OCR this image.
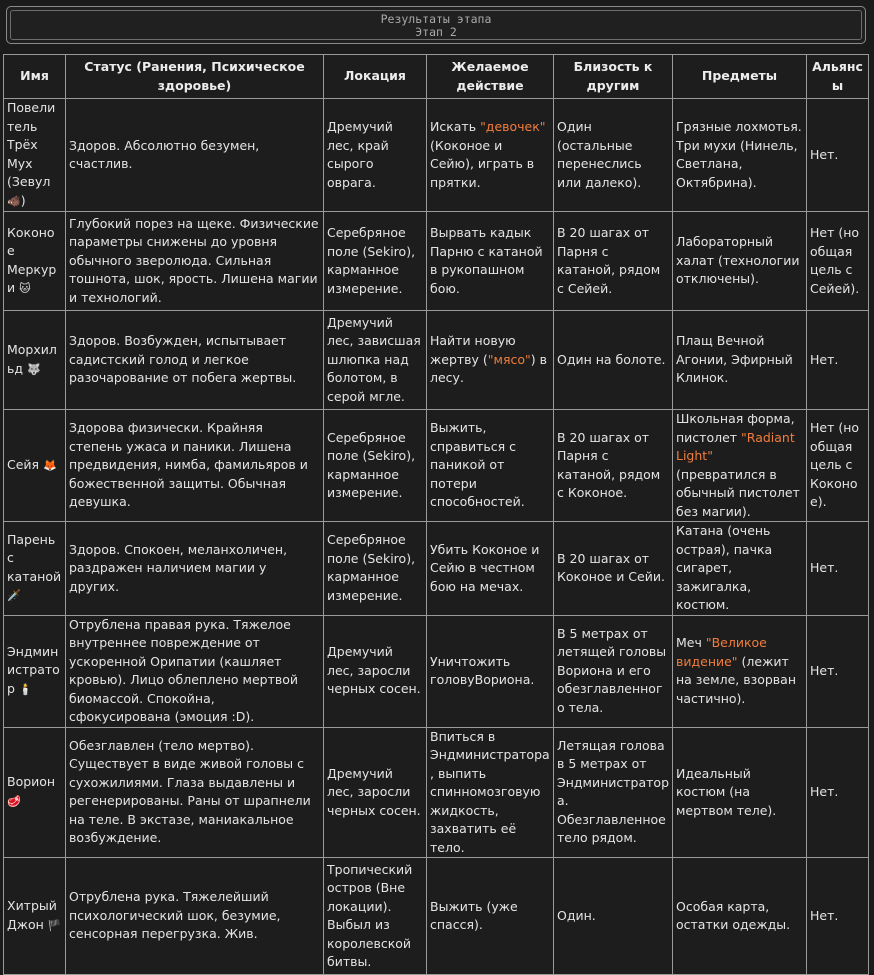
Результаты этапа
Этап 2
Имя	Статус (Ранения, Психическое здоровье)	Локация	Желаемое действие	Близость к другим	Предметы	Альянсы
Повелитель Трёх Мух (Зевул 🐗)	Здоров. Абсолютно безумен, счастлив.	Дремучий лес, край сырого оврага.	Искать "девочек" (Коконое и Сейю), играть в прятки.	Один (остальные перенеслись или далеко).	Грязные лохмотья. Три мухи (Нинель, Светлана, Октябрина).	Нет.
Коконое Меркури 🐱	Глубокий порез на щеке. Физические параметры снижены до уровня обычного зверолюда. Сильная тошнота, шок, ярость. Лишена магии и технологий.	Серебряное поле (Sekiro), карманное измерение.	Вырвать кадык Парню с катаной в рукопашном бою.	В 20 шагах от Парня с катаной, рядом с Сейей.	Лабораторный халат (технологии отключены).	Нет (но общая цель с Сейей).
Морхильд 🐺	Здоров. Возбужден, испытывает садистский голод и легкое разочарование от побега жертвы.	Дремучий лес, зависшая шлюпка над болотом, в серой мгле.	Найти новую жертву ("мясо") в лесу.	Один на болоте.	Плащ Вечной Агонии, Эфирный Клинок.	Нет.
Сейя 🦊	Здорова физически. Крайняя степень ужаса и паники. Лишена предвидения, нимба, фамильяров и божественной защиты. Обычная девушка.	Серебряное поле (Sekiro), карманное измерение.	Выжить, справиться с паникой от потери способностей.	В 20 шагах от Парня с катаной, рядом с Коконое.	Школьная форма, пистолет "Radiant Light" (превратился в обычный пистолет без магии).	Нет (но общая цель с Коконое).
Парень с катаной 🗡️	Здоров. Спокоен, меланхоличен, раздражен наличием магии у других.	Серебряное поле (Sekiro), карманное измерение.	Убить Коконое и Сейю в честном бою на мечах.	В 20 шагах от Коконое и Сейи.	Катана (очень острая), пачка сигарет, зажигалка, костюм.	Нет.
Эндминистратор 🕯️	Отрублена правая рука. Тяжелое внутреннее повреждение от ускоренной Орипатии (кашляет кровью). Лицо облеплено мертвой биомассой. Спокойна, сфокусирована (эмоция :D).	Дремучий лес, заросли черных сосен.	Уничтожить головуВориона.	В 5 метрах от летящей головы Вориона и его обезглавленного тела.	Меч "Великое видение" (лежит на земле, взорван частично).	Нет.
Ворион 🥩	Обезглавлен (тело мертво). Существует в виде живой головы с сухожилиями. Глаза выдавлены и регенерированы. Раны от шрапнели на теле. В экстазе, маниакальное возбуждение.	Дремучий лес, заросли черных сосен.	Впиться в Эндминистратора, выпить спинномозговую жидкость, захватить её тело.	Летящая голова в 5 метрах от Эндминистратора. Обезглавленное тело рядом.	Идеальный костюм (на мертвом теле).	Нет.
Хитрый Джон 🏴	Отрублена рука. Тяжелейший психологический шок, безумие, сенсорная перегрузка. Жив.	Тропический остров (Вне локации). Выбыл из королевской битвы.	Выжить (уже спасся).	Один.	Особая карта, остатки одежды.	Нет.
